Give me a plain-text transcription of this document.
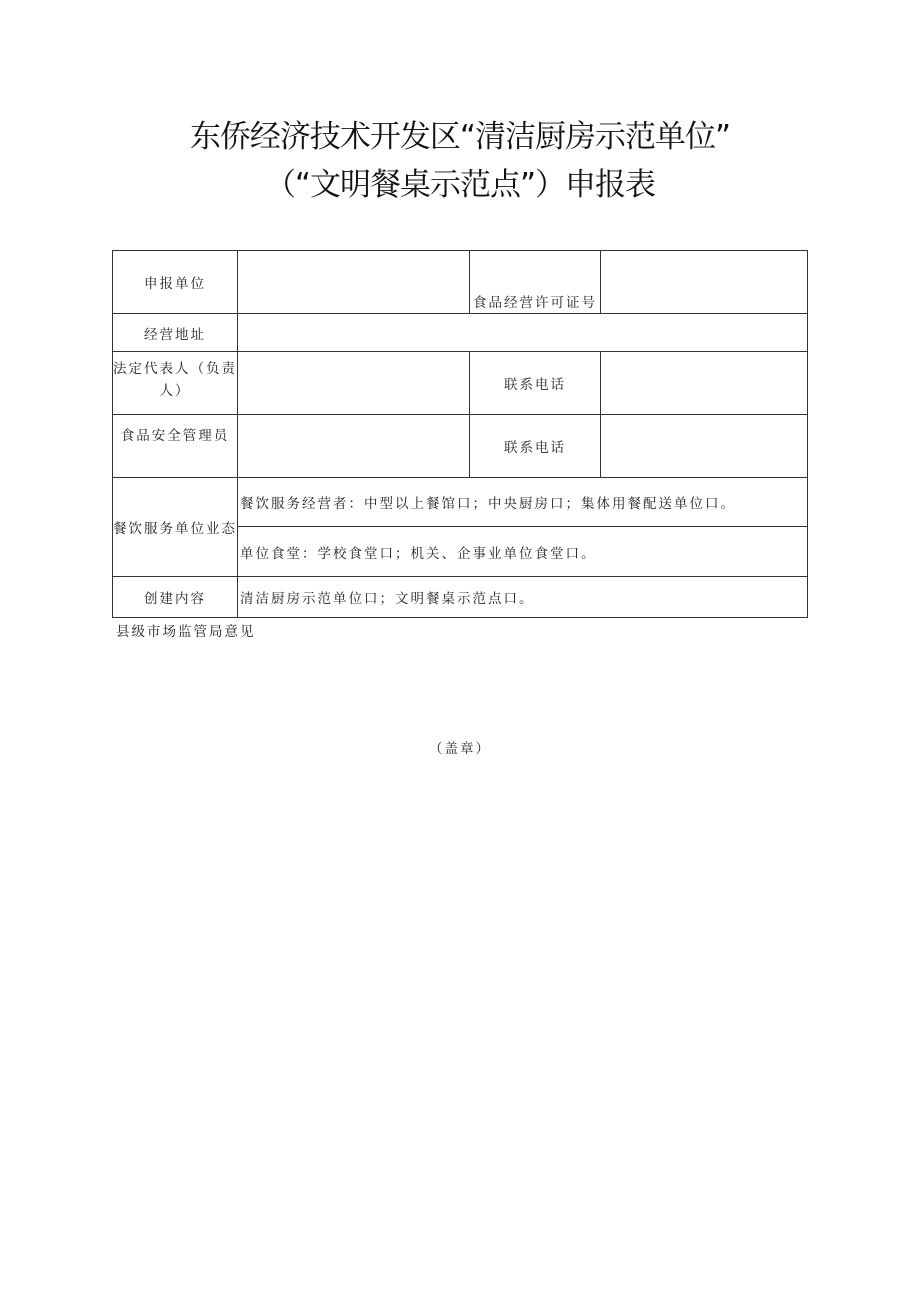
东侨经济技术开发区“清洁厨房示范单位”
（“文明餐桌示范点”）申报表
申报单位		食品经营许可证号	
经营地址			
法定代表人（负责人）		联系电话	
食品安全管理员		联系电话	
餐饮服务单位业态	餐饮服务经营者：中型以上餐馆口；中央厨房口；集体用餐配送单位口。		
	单位食堂：学校食堂口；机关、企事业单位食堂口。		
创建内容	清洁厨房示范单位口；文明餐桌示范点口。		
县级市场监管局意见
（盖章）
